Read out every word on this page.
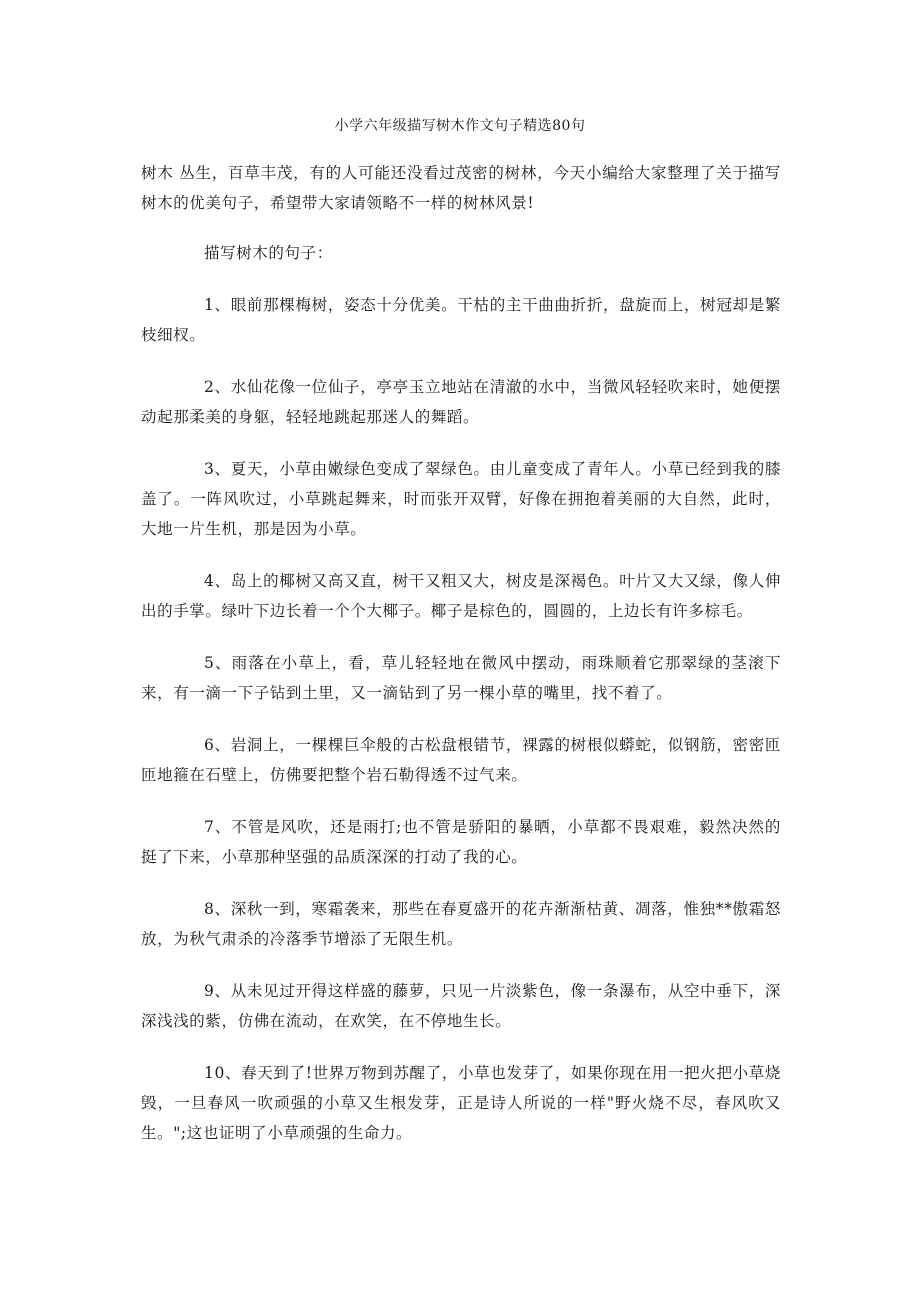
小学六年级描写树木作文句子精选80句
树木 丛生，百草丰茂，有的人可能还没看过茂密的树林，今天小编给大家整理了关于描写树木的优美句子，希望带大家请领略不一样的树林风景!
描写树木的句子：
1、眼前那棵梅树，姿态十分优美。干枯的主干曲曲折折，盘旋而上，树冠却是繁枝细杈。
2、水仙花像一位仙子，亭亭玉立地站在清澈的水中，当微风轻轻吹来时，她便摆动起那柔美的身躯，轻轻地跳起那迷人的舞蹈。
3、夏天，小草由嫩绿色变成了翠绿色。由儿童变成了青年人。小草已经到我的膝盖了。一阵风吹过，小草跳起舞来，时而张开双臂，好像在拥抱着美丽的大自然，此时，大地一片生机，那是因为小草。
4、岛上的椰树又高又直，树干又粗又大，树皮是深褐色。叶片又大又绿，像人伸出的手掌。绿叶下边长着一个个大椰子。椰子是棕色的，圆圆的，上边长有许多棕毛。
5、雨落在小草上，看，草儿轻轻地在微风中摆动，雨珠顺着它那翠绿的茎滚下来，有一滴一下子钻到土里，又一滴钻到了另一棵小草的嘴里，找不着了。
6、岩洞上，一棵棵巨伞般的古松盘根错节，裸露的树根似蟒蛇，似钢筋，密密匝匝地箍在石壁上，仿佛要把整个岩石勒得透不过气来。
7、不管是风吹，还是雨打;也不管是骄阳的暴晒，小草都不畏艰难，毅然决然的挺了下来，小草那种坚强的品质深深的打动了我的心。
8、深秋一到，寒霜袭来，那些在春夏盛开的花卉渐渐枯黄、凋落，惟独**傲霜怒放，为秋气肃杀的冷落季节增添了无限生机。
9、从未见过开得这样盛的藤萝，只见一片淡紫色，像一条瀑布，从空中垂下，深深浅浅的紫，仿佛在流动，在欢笑，在不停地生长。
10、春天到了!世界万物到苏醒了，小草也发芽了，如果你现在用一把火把小草烧毁，一旦春风一吹顽强的小草又生根发芽，正是诗人所说的一样"野火烧不尽，春风吹又生。";这也证明了小草顽强的生命力。
